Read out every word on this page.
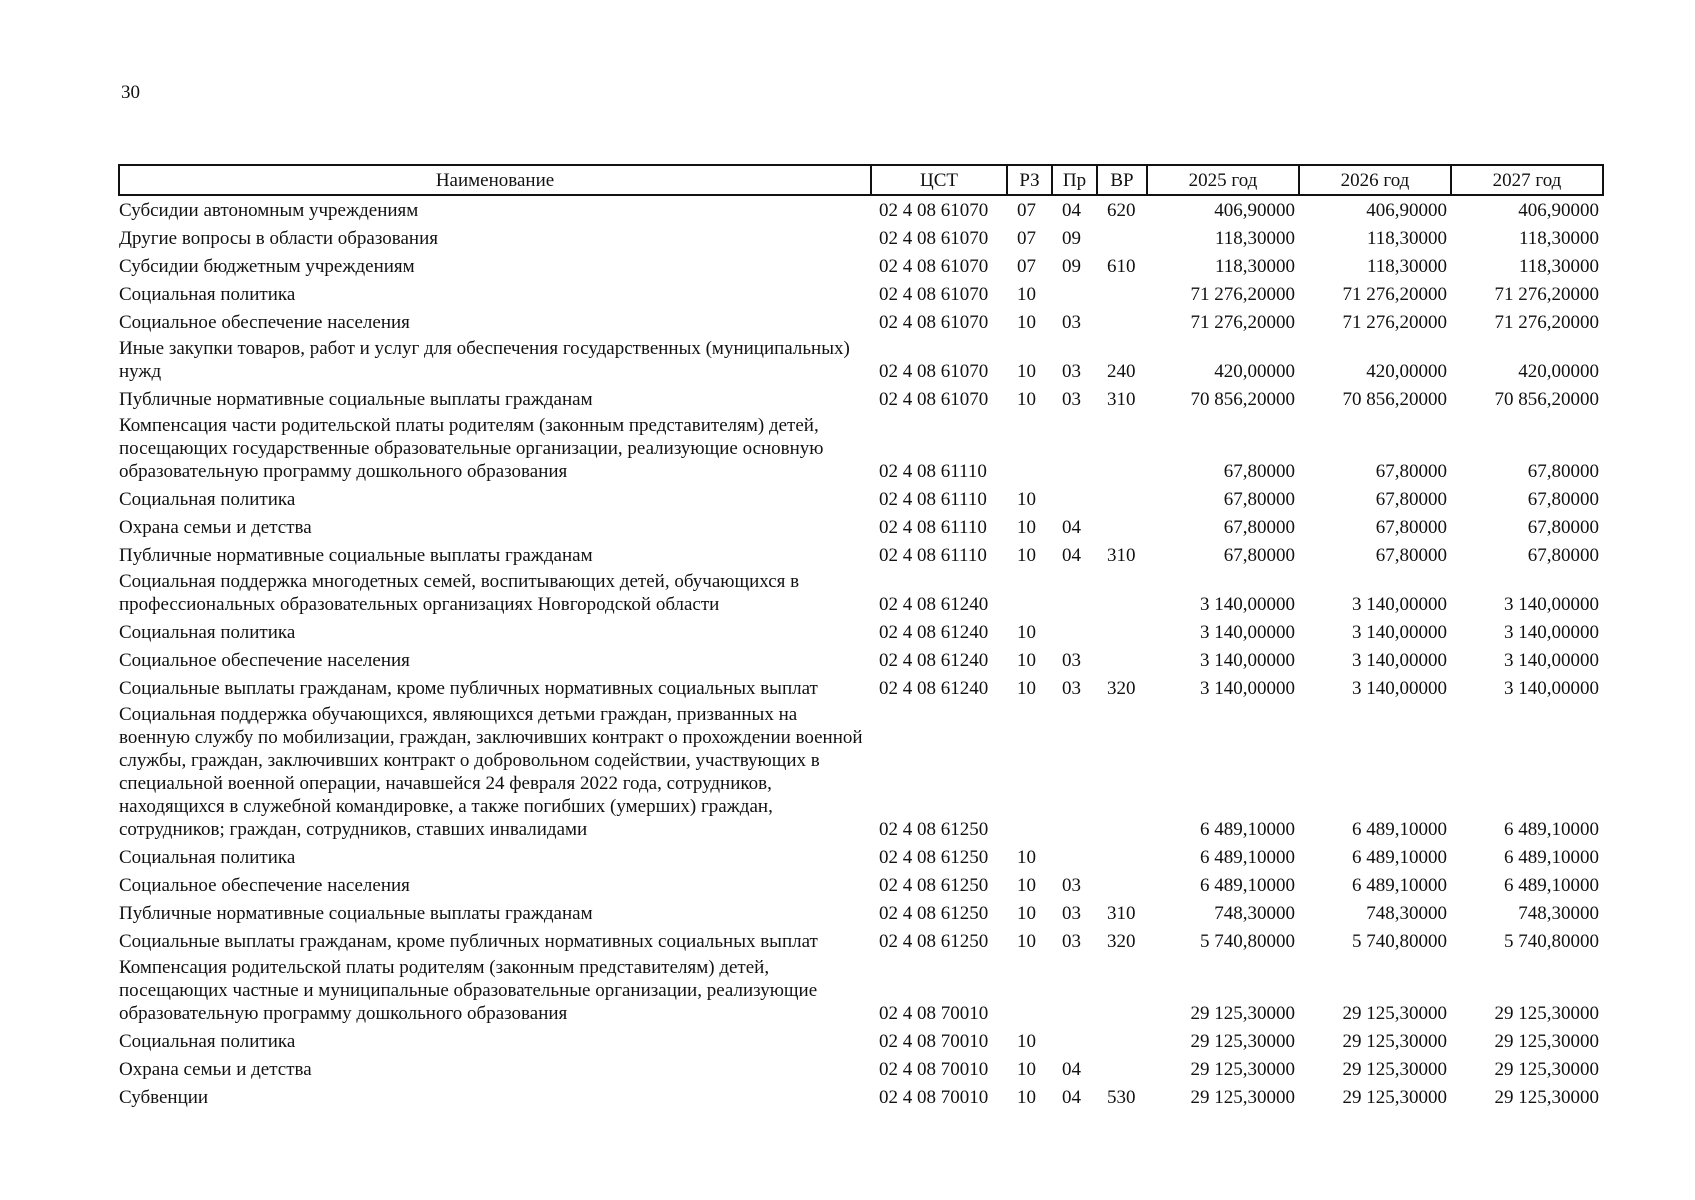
30
Наименование	ЦСТ	РЗ	Пр	ВР	2025 год	2026 год	2027 год
Субсидии автономным учреждениям	02 4 08 61070	07	04	620	406,90000	406,90000	406,90000
Другие вопросы в области образования	02 4 08 61070	07	09		118,30000	118,30000	118,30000
Субсидии бюджетным учреждениям	02 4 08 61070	07	09	610	118,30000	118,30000	118,30000
Социальная политика	02 4 08 61070	10			71 276,20000	71 276,20000	71 276,20000
Социальное обеспечение населения	02 4 08 61070	10	03		71 276,20000	71 276,20000	71 276,20000
Иные закупки товаров, работ и услуг для обеспечения государственных (муниципальных) нужд	02 4 08 61070	10	03	240	420,00000	420,00000	420,00000
Публичные нормативные социальные выплаты гражданам	02 4 08 61070	10	03	310	70 856,20000	70 856,20000	70 856,20000
Компенсация части родительской платы родителям (законным представителям) детей, посещающих государственные образовательные организации, реализующие основную образовательную программу дошкольного образования	02 4 08 61110				67,80000	67,80000	67,80000
Социальная политика	02 4 08 61110	10			67,80000	67,80000	67,80000
Охрана семьи и детства	02 4 08 61110	10	04		67,80000	67,80000	67,80000
Публичные нормативные социальные выплаты гражданам	02 4 08 61110	10	04	310	67,80000	67,80000	67,80000
Социальная поддержка многодетных семей, воспитывающих детей, обучающихся в профессиональных образовательных организациях Новгородской области	02 4 08 61240				3 140,00000	3 140,00000	3 140,00000
Социальная политика	02 4 08 61240	10			3 140,00000	3 140,00000	3 140,00000
Социальное обеспечение населения	02 4 08 61240	10	03		3 140,00000	3 140,00000	3 140,00000
Социальные выплаты гражданам, кроме публичных нормативных социальных выплат	02 4 08 61240	10	03	320	3 140,00000	3 140,00000	3 140,00000
Социальная поддержка обучающихся, являющихся детьми граждан, призванных на военную службу по мобилизации, граждан, заключивших контракт о прохождении военной службы, граждан, заключивших контракт о добровольном содействии, участвующих в специальной военной операции, начавшейся 24 февраля 2022 года, сотрудников, находящихся в служебной командировке, а также погибших (умерших) граждан, сотрудников; граждан, сотрудников, ставших инвалидами	02 4 08 61250				6 489,10000	6 489,10000	6 489,10000
Социальная политика	02 4 08 61250	10			6 489,10000	6 489,10000	6 489,10000
Социальное обеспечение населения	02 4 08 61250	10	03		6 489,10000	6 489,10000	6 489,10000
Публичные нормативные социальные выплаты гражданам	02 4 08 61250	10	03	310	748,30000	748,30000	748,30000
Социальные выплаты гражданам, кроме публичных нормативных социальных выплат	02 4 08 61250	10	03	320	5 740,80000	5 740,80000	5 740,80000
Компенсация родительской платы родителям (законным представителям) детей, посещающих частные и муниципальные образовательные организации, реализующие образовательную программу дошкольного образования	02 4 08 70010				29 125,30000	29 125,30000	29 125,30000
Социальная политика	02 4 08 70010	10			29 125,30000	29 125,30000	29 125,30000
Охрана семьи и детства	02 4 08 70010	10	04		29 125,30000	29 125,30000	29 125,30000
Субвенции	02 4 08 70010	10	04	530	29 125,30000	29 125,30000	29 125,30000
